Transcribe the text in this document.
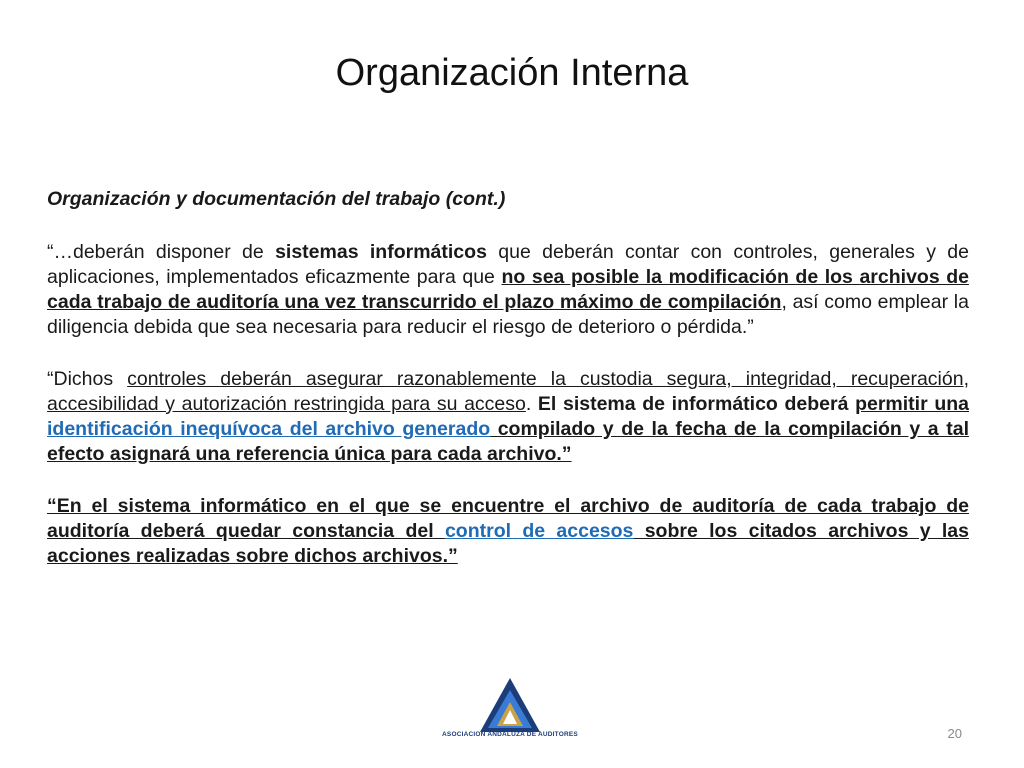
Organización Interna

Organización y documentación del trabajo (cont.)

“…deberán disponer de sistemas informáticos que deberán contar con controles, generales y de aplicaciones, implementados eficazmente para que no sea posible la modificación de los archivos de cada trabajo de auditoría una vez transcurrido el plazo máximo de compilación, así como emplear la diligencia debida que sea necesaria para reducir el riesgo de deterioro o pérdida.”

“Dichos controles deberán asegurar razonablemente la custodia segura, integridad, recuperación, accesibilidad y autorización restringida para su acceso. El sistema de informático deberá permitir una identificación inequívoca del archivo generado compilado y de la fecha de la compilación y a tal efecto asignará una referencia única para cada archivo.”

“En el sistema informático en el que se encuentre el archivo de auditoría de cada trabajo de auditoría deberá quedar constancia del control de accesos sobre los citados archivos y las acciones realizadas sobre dichos archivos.”

ASOCIACION ANDALUZA DE AUDITORES	20
